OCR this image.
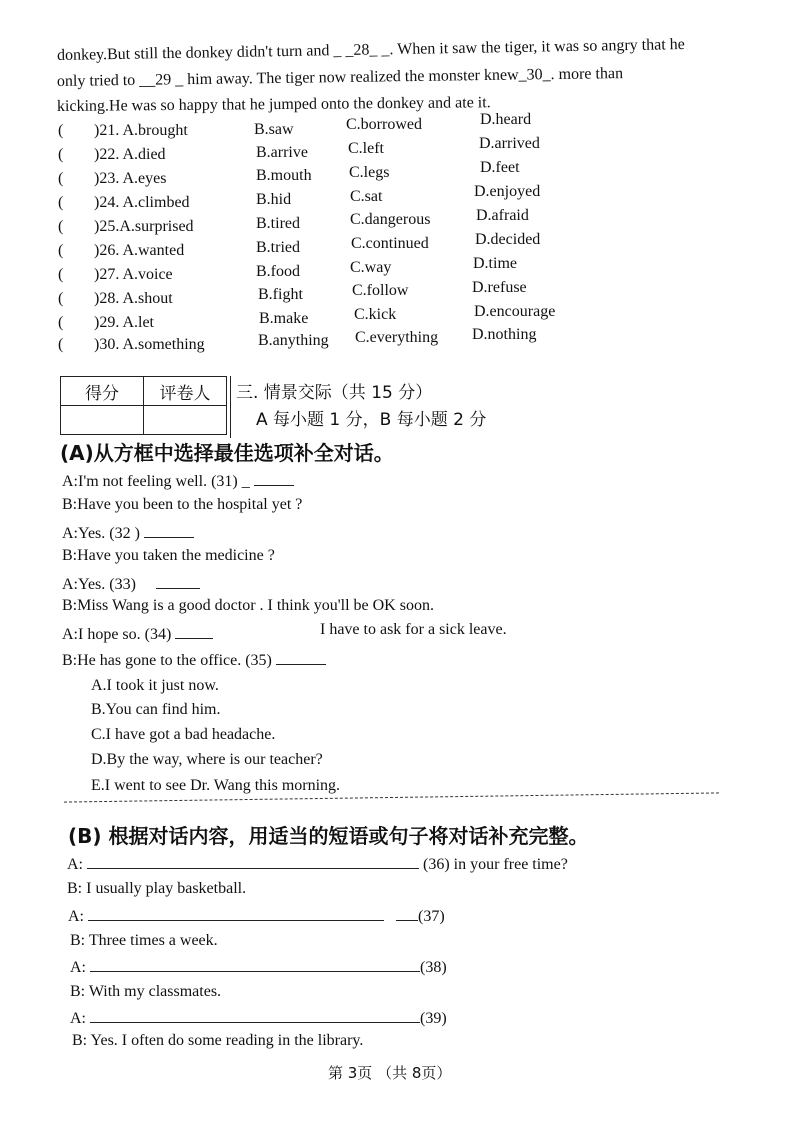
donkey.But still the donkey didn't turn and _ _28_ _. When it saw the tiger, it was so angry that he
only tried to __29 _ him away. The tiger now realized the monster knew_30_. more than
kicking.He was so happy that he jumped onto the donkey and ate it.
( )21. A.brought	B.saw	C.borrowed	D.heard
( )22. A.died	B.arrive	C.left	D.arrived
( )23. A.eyes	B.mouth C.legs	D.feet
( )24. A.climbed	B.hid	C.sat	D.enjoyed
( )25.A.surprised	B.tired	C.dangerous	D.afraid
( )26. A.wanted	B.tried	C.continued	D.decided
( )27. A.voice	B.food	C.way	D.time
( )28. A.shout	B.fight	C.follow	D.refuse
( )29. A.let	B.make	C.kick	D.encourage
( )30. A.something	B.anything C.everything D.nothing
得分	评卷人
	三. 情景交际（共 15 分）
A 每小题 1 分，B 每小题 2 分
(A)从方框中选择最佳选项补全对话。
A:I'm not feeling well. (31) _
B:Have you been to the hospital yet ?
A:Yes. (32 )
B:Have you taken the medicine ?
A:Yes. (33)
B:Miss Wang is a good doctor . I think you'll be OK soon.
A:I hope so. (34)	I have to ask for a sick leave.
B:He has gone to the office. (35)
A.I took it just now.
B.You can find him.
C.I have got a bad headache.
D.By the way, where is our teacher?
E.I went to see Dr. Wang this morning.
(B) 根据对话内容，用适当的短语或句子将对话补充完整。
A:	(36) in your free time?
B: I usually play basketball.
A:	(37)
B: Three times a week.
A:	(38)
B: With my classmates.
A:	(39)
B: Yes. I often do some reading in the library.
第 3页 （共 8页）
